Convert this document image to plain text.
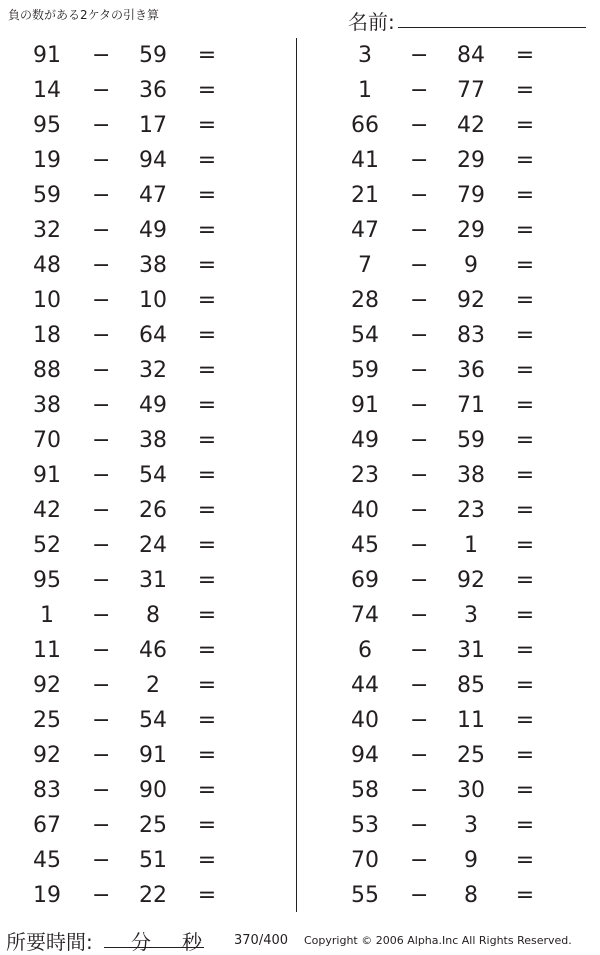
負の数がある2ケタの引き算	名前:
91	−	59	=
14	−	36	=
95	−	17	=
19	−	94	=
59	−	47	=
32	−	49	=
48	−	38	=
10	−	10	=
18	−	64	=
88	−	32	=
38	−	49	=
70	−	38	=
91	−	54	=
42	−	26	=
52	−	24	=
95	−	31	=
1	−	8	=
11	−	46	=
92	−	2	=
25	−	54	=
92	−	91	=
83	−	90	=
67	−	25	=
45	−	51	=
19	−	22	=
3	−	84	=
1	−	77	=
66	−	42	=
41	−	29	=
21	−	79	=
47	−	29	=
7	−	9	=
28	−	92	=
54	−	83	=
59	−	36	=
91	−	71	=
49	−	59	=
23	−	38	=
40	−	23	=
45	−	1	=
69	−	92	=
74	−	3	=
6	−	31	=
44	−	85	=
40	−	11	=
94	−	25	=
58	−	30	=
53	−	3	=
70	−	9	=
55	−	8	=
所要時間: 分 秒 370/400 Copyright © 2006 Alpha.Inc All Rights Reserved.
